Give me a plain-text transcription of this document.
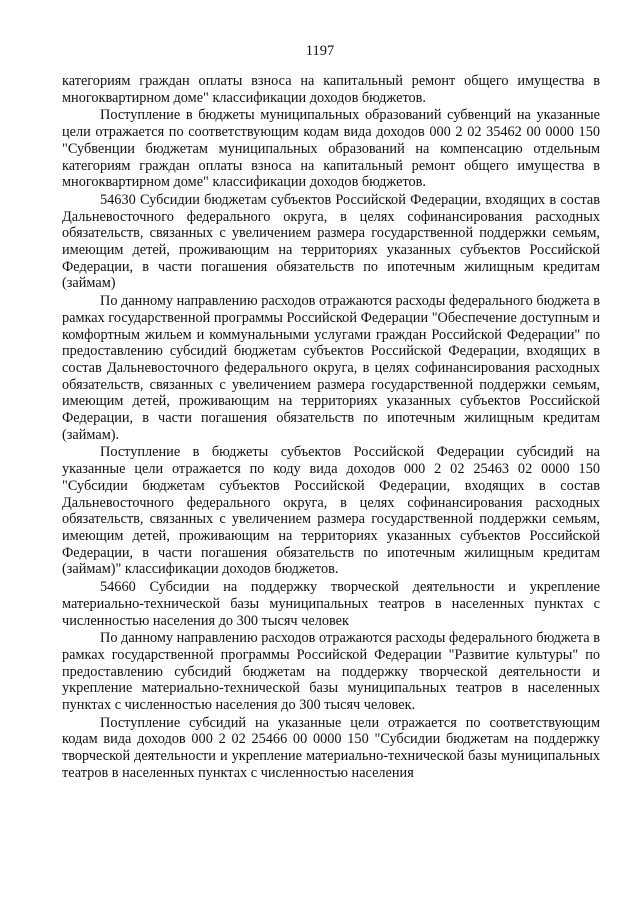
1197

категориям граждан оплаты взноса на капитальный ремонт общего имущества в многоквартирном доме" классификации доходов бюджетов.

Поступление в бюджеты муниципальных образований субвенций на указанные цели отражается по соответствующим кодам вида доходов 000 2 02 35462 00 0000 150 "Субвенции бюджетам муниципальных образований на компенсацию отдельным категориям граждан оплаты взноса на капитальный ремонт общего имущества в многоквартирном доме" классификации доходов бюджетов.

54630 Субсидии бюджетам субъектов Российской Федерации, входящих в состав Дальневосточного федерального округа, в целях софинансирования расходных обязательств, связанных с увеличением размера государственной поддержки семьям, имеющим детей, проживающим на территориях указанных субъектов Российской Федерации, в части погашения обязательств по ипотечным жилищным кредитам (займам)

По данному направлению расходов отражаются расходы федерального бюджета в рамках государственной программы Российской Федерации "Обеспечение доступным и комфортным жильем и коммунальными услугами граждан Российской Федерации" по предоставлению субсидий бюджетам субъектов Российской Федерации, входящих в состав Дальневосточного федерального округа, в целях софинансирования расходных обязательств, связанных с увеличением размера государственной поддержки семьям, имеющим детей, проживающим на территориях указанных субъектов Российской Федерации, в части погашения обязательств по ипотечным жилищным кредитам (займам).

Поступление в бюджеты субъектов Российской Федерации субсидий на указанные цели отражается по коду вида доходов 000 2 02 25463 02 0000 150 "Субсидии бюджетам субъектов Российской Федерации, входящих в состав Дальневосточного федерального округа, в целях софинансирования расходных обязательств, связанных с увеличением размера государственной поддержки семьям, имеющим детей, проживающим на территориях указанных субъектов Российской Федерации, в части погашения обязательств по ипотечным жилищным кредитам (займам)" классификации доходов бюджетов.

54660 Субсидии на поддержку творческой деятельности и укрепление материально-технической базы муниципальных театров в населенных пунктах с численностью населения до 300 тысяч человек

По данному направлению расходов отражаются расходы федерального бюджета в рамках государственной программы Российской Федерации "Развитие культуры" по предоставлению субсидий бюджетам на поддержку творческой деятельности и укрепление материально-технической базы муниципальных театров в населенных пунктах с численностью населения до 300 тысяч человек.

Поступление субсидий на указанные цели отражается по соответствующим кодам вида доходов 000 2 02 25466 00 0000 150 "Субсидии бюджетам на поддержку творческой деятельности и укрепление материально-технической базы муниципальных театров в населенных пунктах с численностью населения
